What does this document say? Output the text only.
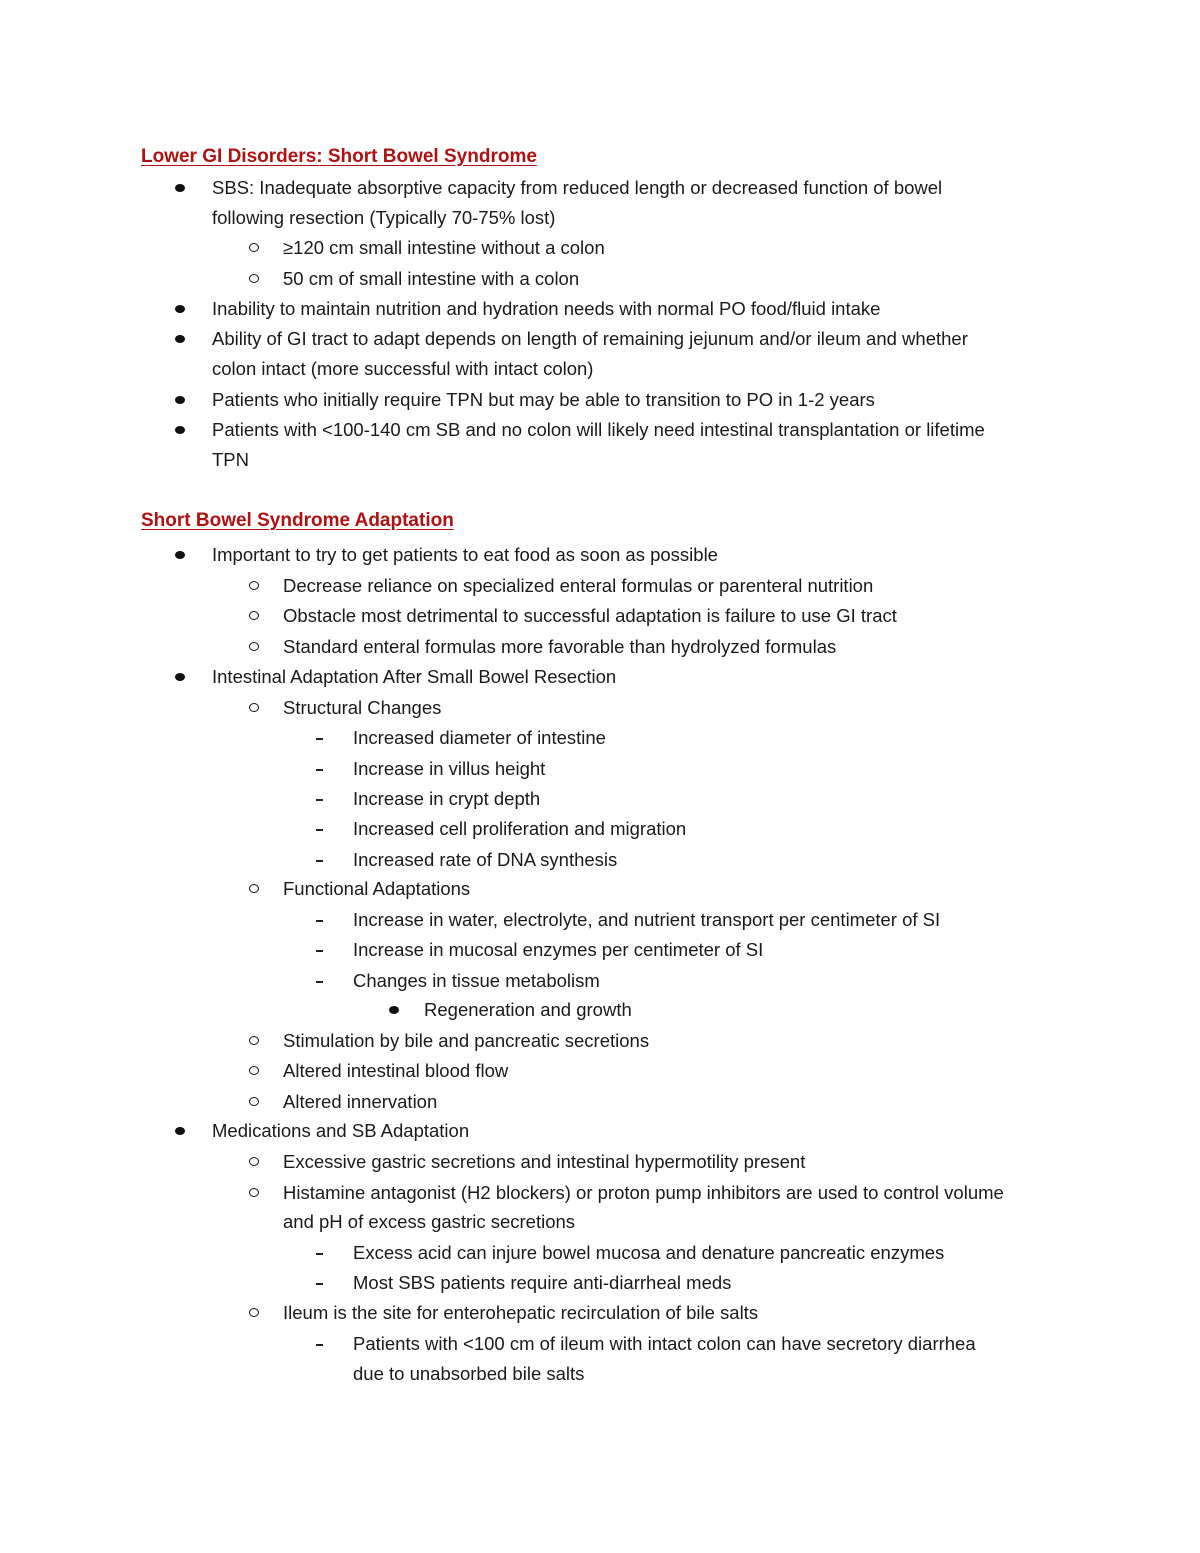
Lower GI Disorders: Short Bowel Syndrome
SBS: Inadequate absorptive capacity from reduced length or decreased function of bowel
following resection (Typically 70-75% lost)
≥120 cm small intestine without a colon
50 cm of small intestine with a colon
Inability to maintain nutrition and hydration needs with normal PO food/fluid intake
Ability of GI tract to adapt depends on length of remaining jejunum and/or ileum and whether
colon intact (more successful with intact colon)
Patients who initially require TPN but may be able to transition to PO in 1-2 years
Patients with <100-140 cm SB and no colon will likely need intestinal transplantation or lifetime
TPN
Short Bowel Syndrome Adaptation
Important to try to get patients to eat food as soon as possible
Decrease reliance on specialized enteral formulas or parenteral nutrition
Obstacle most detrimental to successful adaptation is failure to use GI tract
Standard enteral formulas more favorable than hydrolyzed formulas
Intestinal Adaptation After Small Bowel Resection
Structural Changes
Increased diameter of intestine
Increase in villus height
Increase in crypt depth
Increased cell proliferation and migration
Increased rate of DNA synthesis
Functional Adaptations
Increase in water, electrolyte, and nutrient transport per centimeter of SI
Increase in mucosal enzymes per centimeter of SI
Changes in tissue metabolism
Regeneration and growth
Stimulation by bile and pancreatic secretions
Altered intestinal blood flow
Altered innervation
Medications and SB Adaptation
Excessive gastric secretions and intestinal hypermotility present
Histamine antagonist (H2 blockers) or proton pump inhibitors are used to control volume
and pH of excess gastric secretions
Excess acid can injure bowel mucosa and denature pancreatic enzymes
Most SBS patients require anti-diarrheal meds
Ileum is the site for enterohepatic recirculation of bile salts
Patients with <100 cm of ileum with intact colon can have secretory diarrhea
due to unabsorbed bile salts
